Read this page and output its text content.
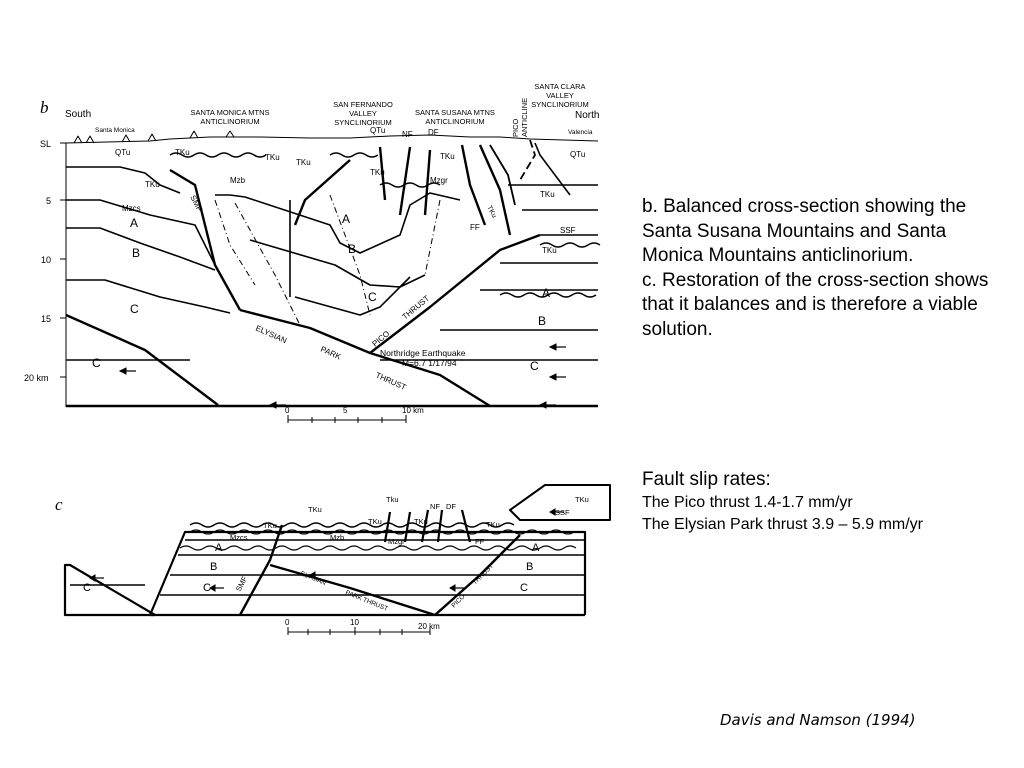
b South	North
SANTA MONICA MTNS
ANTICLINORIUM
SAN FERNANDO
VALLEY
SYNCLINORIUM
SANTA SUSANA MTNS
ANTICLINORIUM
SANTA CLARA
VALLEY
SYNCLINORIUM
PICO ANTICLINE
Santa Monica	Valencia
SL
5
10
15
20 km
QTu	TKu
TKu
TKu
TKu
TKu
TKu
TKu
TKu
QTu
QTu
Mzb	Mzgr
Mzcs	TKu
A
B
C
C
A
B
C	A
B
C
SMF
NF DF
FF	SSF
ELYSIAN
PARK
THRUST
PICO
THRUST
Northridge Earthquake
M=6.7 1/17/94
0	5	10 km
c	TKu
TKu
Tku
TKu	TKu	TKu
TKu
Mzcs	Mzb	Mzgr
NF DF
FF
SSF
SMF	ELYSIAN
PARK THRUST	PICO
THRUST
A
B
C
C
A
B
C
0	10	20 km

b. Balanced cross-section showing the Santa Susana Mountains and Santa Monica Mountains anticlinorium.

c. Restoration of the cross-section shows that it balances and is therefore a viable solution.

Fault slip rates:

The Pico thrust 1.4-1.7 mm/yr

The Elysian Park thrust 3.9 – 5.9 mm/yr

Davis and Namson (1994)
